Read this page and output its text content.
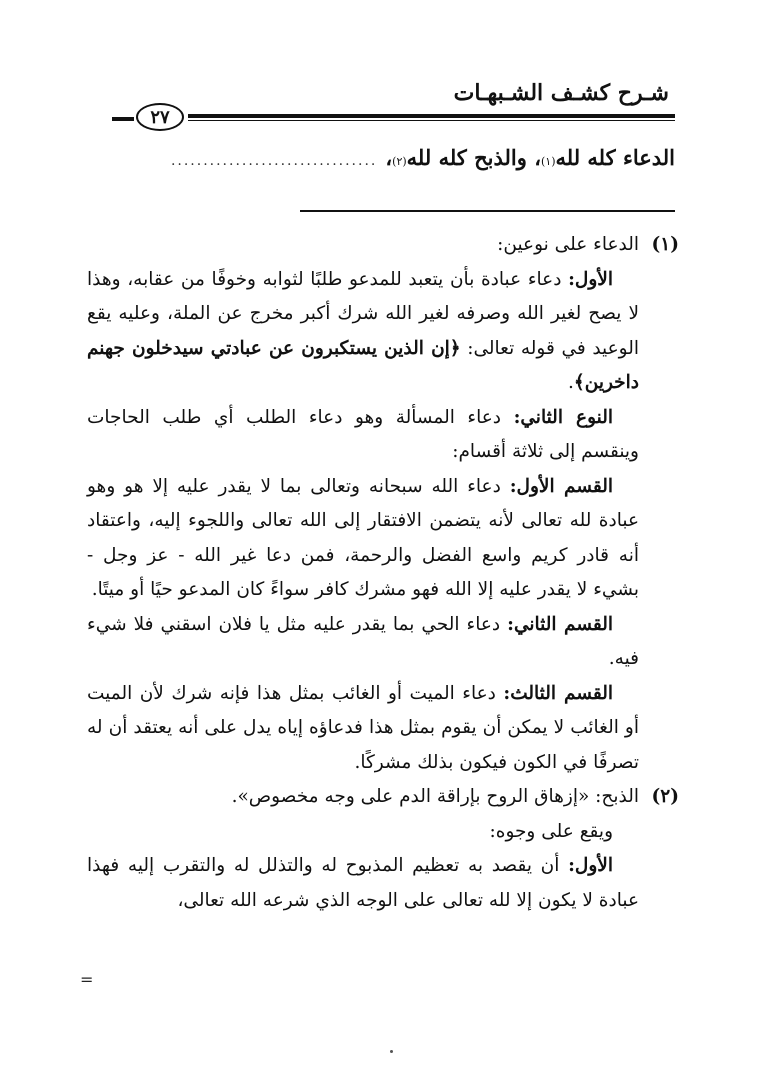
شـرح كشـف الشـبهـات
٢٧
الدعاء كله لله
(١)
، والذبح كله لله
(٢)
،
................................
(١)

الدعاء على نوعين:

الأول: دعاء عبادة بأن يتعبد للمدعو طلبًا لثوابه وخوفًا من عقابه، وهذا لا يصح لغير الله وصرفه لغير الله شرك أكبر مخرج عن الملة، وعليه يقع الوعيد في قوله تعالى: ﴿إن الذين يستكبرون عن عبادتي سيدخلون جهنم داخرين﴾.

النوع الثاني: دعاء المسألة وهو دعاء الطلب أي طلب الحاجات وينقسم إلى ثلاثة أقسام:

القسم الأول: دعاء الله سبحانه وتعالى بما لا يقدر عليه إلا هو وهو عبادة لله تعالى لأنه يتضمن الافتقار إلى الله تعالى واللجوء إليه، واعتقاد أنه قادر كريم واسع الفضل والرحمة، فمن دعا غير الله - عز وجل - بشيء لا يقدر عليه إلا الله فهو مشرك كافر سواءً كان المدعو حيًا أو ميتًا.

القسم الثاني: دعاء الحي بما يقدر عليه مثل يا فلان اسقني فلا شيء فيه.

القسم الثالث: دعاء الميت أو الغائب بمثل هذا فإنه شرك لأن الميت أو الغائب لا يمكن أن يقوم بمثل هذا فدعاؤه إياه يدل على أنه يعتقد أن له تصرفًا في الكون فيكون بذلك مشركًا.

(٢)

الذبح: «إزهاق الروح بإراقة الدم على وجه مخصوص».

ويقع على وجوه:

الأول: أن يقصد به تعظيم المذبوح له والتذلل له والتقرب إليه فهذا عبادة لا يكون إلا لله تعالى على الوجه الذي شرعه الله تعالى،

=
